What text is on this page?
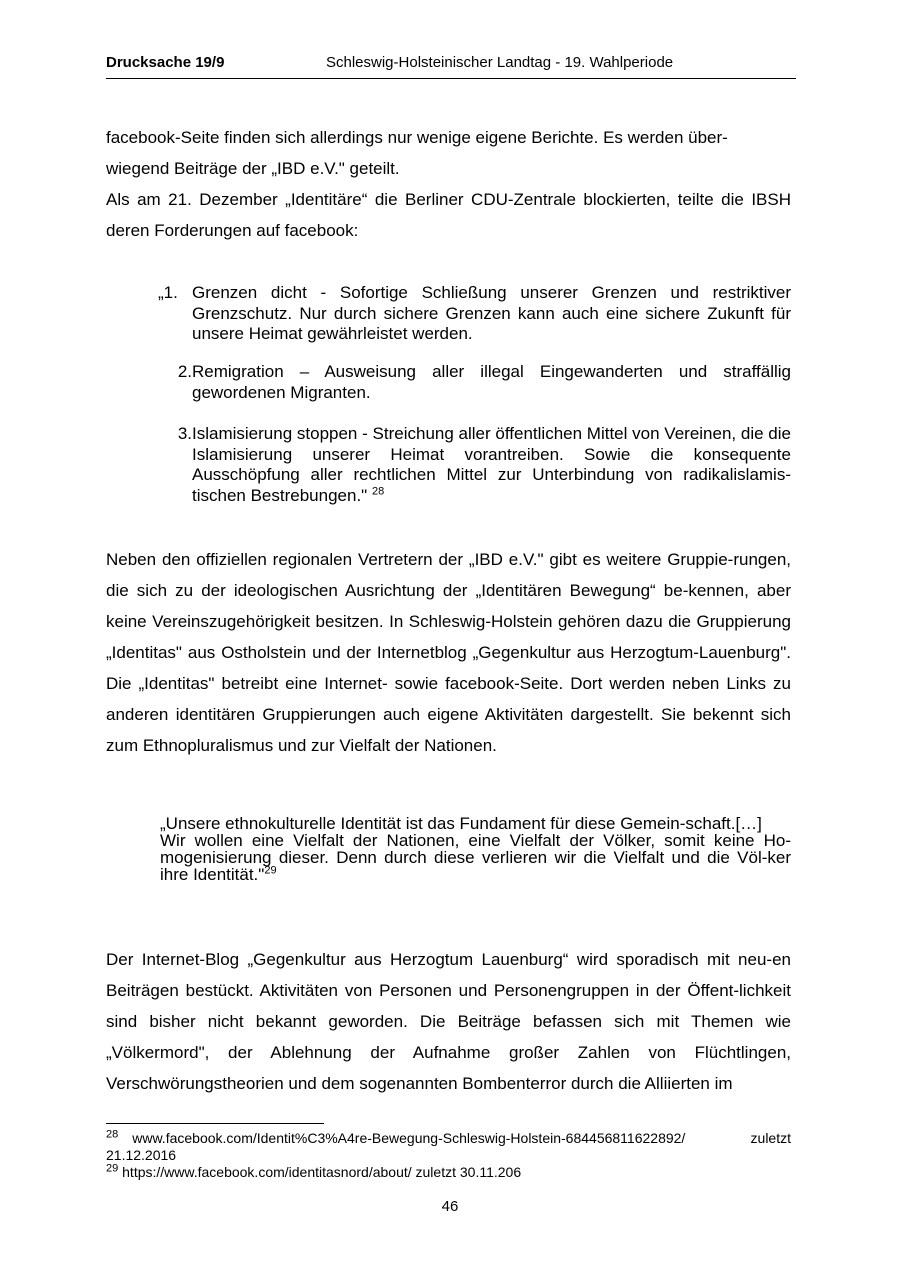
Drucksache 19/9	Schleswig-Holsteinischer Landtag - 19. Wahlperiode

facebook-Seite finden sich allerdings nur wenige eigene Berichte. Es werden über-

wiegend Beiträge der „IBD e.V." geteilt.

Als am 21. Dezember „Identitäre“ die Berliner CDU-Zentrale blockierten, teilte die IBSH deren Forderungen auf facebook:

„1. Grenzen dicht - Sofortige Schließung unserer Grenzen und restriktiver Grenzschutz. Nur durch sichere Grenzen kann auch eine sichere Zukunft für unsere Heimat gewährleistet werden.
2. Remigration – Ausweisung aller illegal Eingewanderten und straffällig gewordenen Migranten.
3. Islamisierung stoppen - Streichung aller öffentlichen Mittel von Vereinen, die die Islamisierung unserer Heimat vorantreiben. Sowie die konsequente Ausschöpfung aller rechtlichen Mittel zur Unterbindung von radikalislamis-tischen Bestrebungen." $^{28}$

Neben den offiziellen regionalen Vertretern der „IBD e.V." gibt es weitere Gruppie-rungen, die sich zu der ideologischen Ausrichtung der „Identitären Bewegung“ be-kennen, aber keine Vereinszugehörigkeit besitzen. In Schleswig-Holstein gehören dazu die Gruppierung „Identitas" aus Ostholstein und der Internetblog „Gegenkultur aus Herzogtum-Lauenburg". Die „Identitas" betreibt eine Internet- sowie facebook-Seite. Dort werden neben Links zu anderen identitären Gruppierungen auch eigene Aktivitäten dargestellt. Sie bekennt sich zum Ethnopluralismus und zur Vielfalt der Nationen.

„Unsere ethnokulturelle Identität ist das Fundament für diese Gemein-schaft.[…]

Wir wollen eine Vielfalt der Nationen, eine Vielfalt der Völker, somit keine Ho-mogenisierung dieser. Denn durch diese verlieren wir die Vielfalt und die Völ-ker ihre Identität."$^{29}$

Der Internet-Blog „Gegenkultur aus Herzogtum Lauenburg“ wird sporadisch mit neu-en Beiträgen bestückt. Aktivitäten von Personen und Personengruppen in der Öffent-lichkeit sind bisher nicht bekannt geworden. Die Beiträge befassen sich mit Themen wie „Völkermord", der Ablehnung der Aufnahme großer Zahlen von Flüchtlingen, Verschwörungstheorien und dem sogenannten Bombenterror durch die Alliierten im

$^{28}$ www.facebook.com/Identit%C3%A4re-Bewegung-Schleswig-Holstein-684456811622892/ zuletzt 21.12.2016

$^{29}$ https://www.facebook.com/identitasnord/about/ zuletzt 30.11.206

46
